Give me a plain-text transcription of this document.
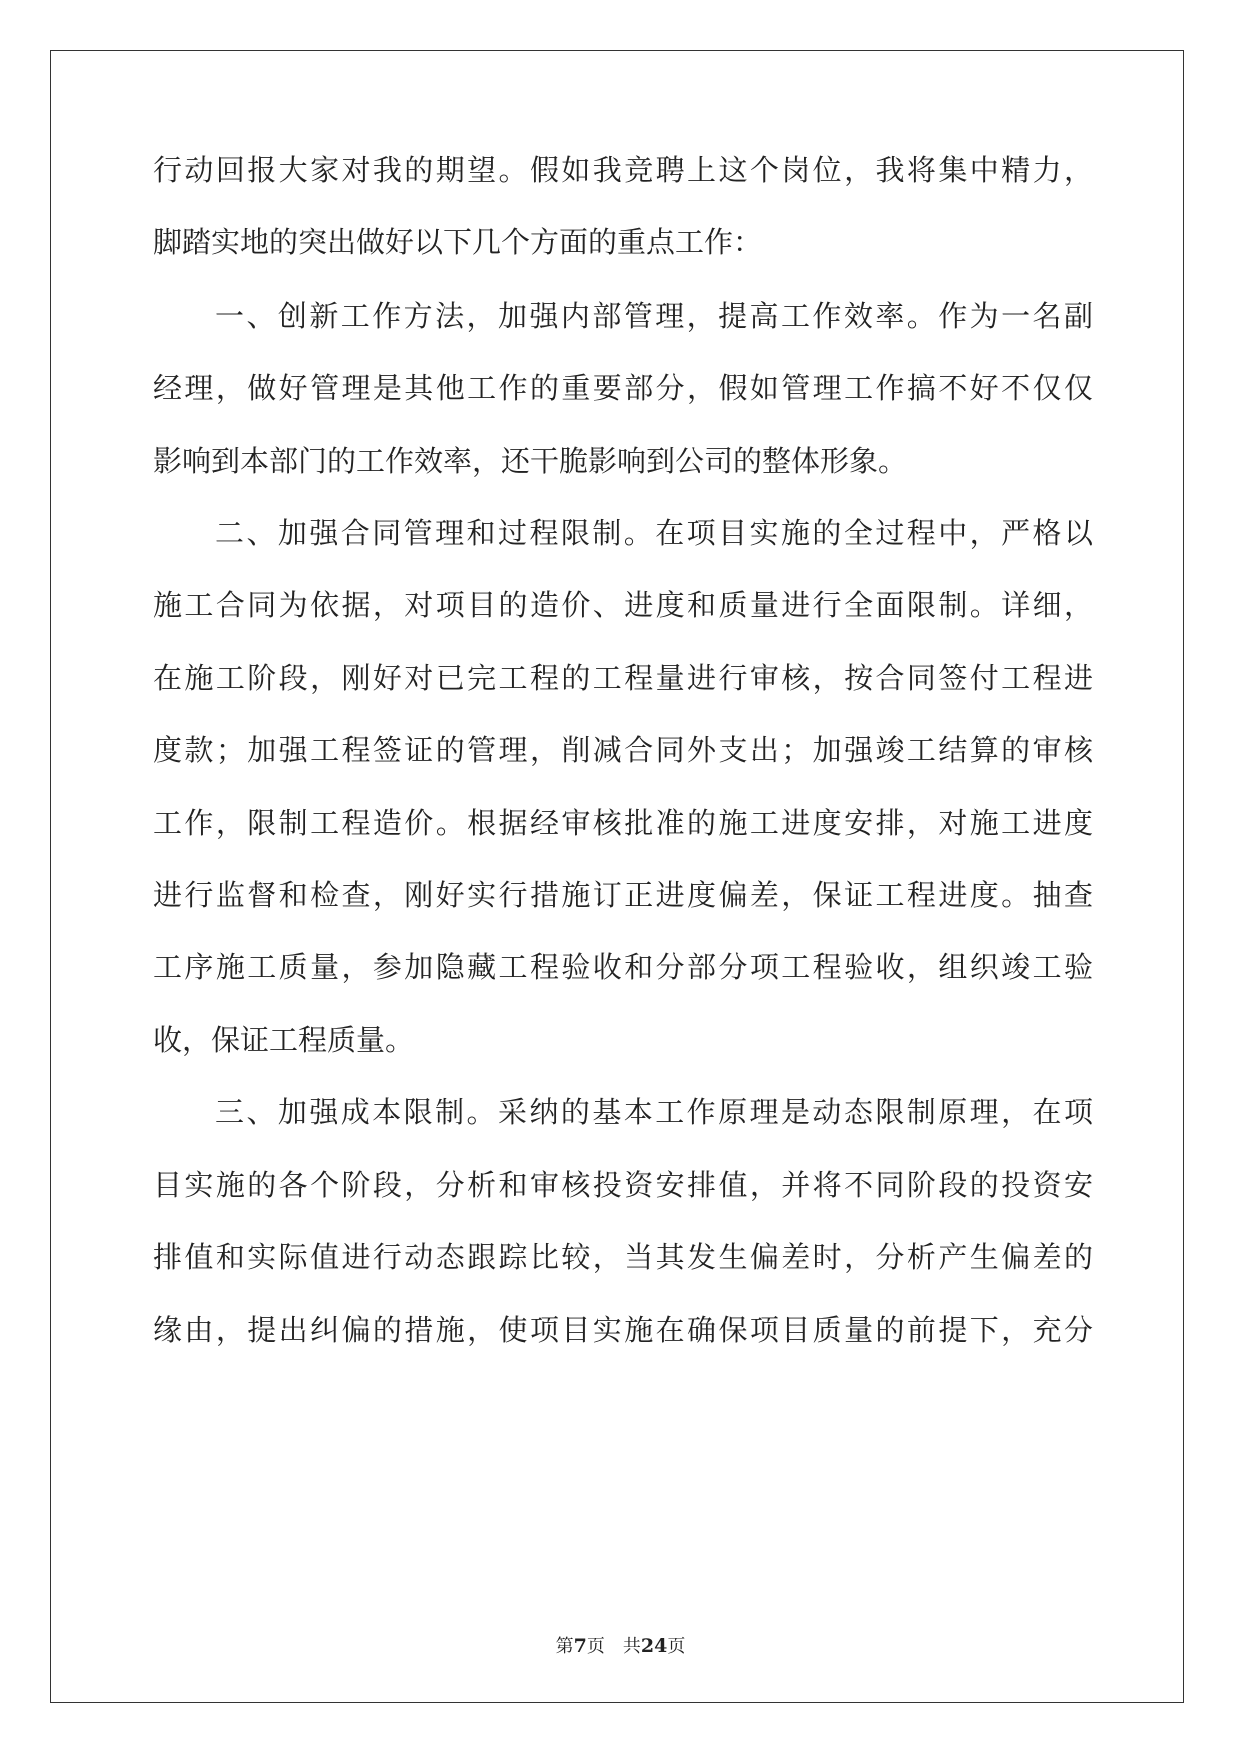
行动回报大家对我的期望。假如我竞聘上这个岗位，我将集中精力，
脚踏实地的突出做好以下几个方面的重点工作：
一、创新工作方法，加强内部管理，提高工作效率。作为一名副
经理，做好管理是其他工作的重要部分，假如管理工作搞不好不仅仅
影响到本部门的工作效率，还干脆影响到公司的整体形象。
二、加强合同管理和过程限制。在项目实施的全过程中，严格以
施工合同为依据，对项目的造价、进度和质量进行全面限制。详细，
在施工阶段，刚好对已完工程的工程量进行审核，按合同签付工程进
度款；加强工程签证的管理，削减合同外支出；加强竣工结算的审核
工作，限制工程造价。根据经审核批准的施工进度安排，对施工进度
进行监督和检查，刚好实行措施订正进度偏差，保证工程进度。抽查
工序施工质量，参加隐藏工程验收和分部分项工程验收，组织竣工验
收，保证工程质量。
三、加强成本限制。采纳的基本工作原理是动态限制原理，在项
目实施的各个阶段，分析和审核投资安排值，并将不同阶段的投资安
排值和实际值进行动态跟踪比较，当其发生偏差时，分析产生偏差的
缘由，提出纠偏的措施，使项目实施在确保项目质量的前提下，充分
第7页　共24页
